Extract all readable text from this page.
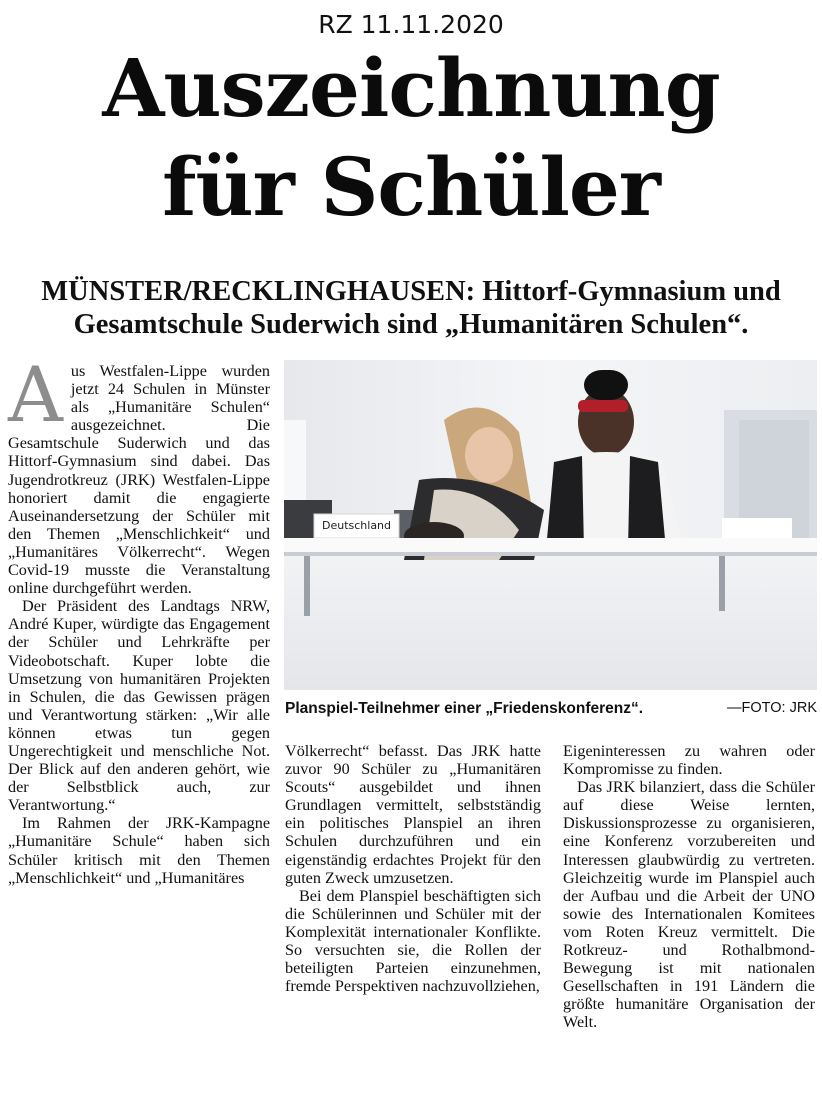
RZ 11.11.2020
Auszeichnung
für Schüler
MÜNSTER/RECKLINGHAUSEN: Hittorf-Gymnasium und
Gesamtschule Suderwich sind „Humanitären Schulen“.
A us Westfalen-Lippe wurden jetzt 24 Schulen in Münster als „Humanitäre Schulen“ ausgezeichnet. Die Gesamtschule Suderwich und das Hittorf-Gymnasium sind dabei. Das Jugendrotkreuz (JRK) Westfalen-Lippe honoriert damit die engagierte Auseinandersetzung der Schüler mit den Themen „Menschlichkeit“ und „Humanitäres Völkerrecht“. Wegen Covid-19 musste die Veranstaltung online durchgeführt werden.

Der Präsident des Landtags NRW, André Kuper, würdigte das Engagement der Schüler und Lehrkräfte per Videobotschaft. Kuper lobte die Umsetzung von humanitären Projekten in Schulen, die das Gewissen prägen und Verantwortung stärken: „Wir alle können etwas tun gegen Ungerechtigkeit und menschliche Not. Der Blick auf den anderen gehört, wie der Selbstblick auch, zur Verantwortung.“

Im Rahmen der JRK-Kampagne „Humanitäre Schule“ haben sich Schüler kritisch mit den Themen „Menschlichkeit“ und „Humanitäres

Deutschland
Planspiel-Teilnehmer einer „Friedenskonferenz“.	—FOTO: JRK

Völkerrecht“ befasst. Das JRK hatte zuvor 90 Schüler zu „Humanitären Scouts“ ausgebildet und ihnen Grundlagen vermittelt, selbstständig ein politisches Planspiel an ihren Schulen durchzuführen und ein eigenständig erdachtes Projekt für den guten Zweck umzusetzen.

Bei dem Planspiel beschäftigten sich die Schülerinnen und Schüler mit der Komplexität internationaler Konflikte. So versuchten sie, die Rollen der beteiligten Parteien einzunehmen, fremde Perspektiven nachzuvollziehen,

Eigeninteressen zu wahren oder Kompromisse zu finden.

Das JRK bilanziert, dass die Schüler auf diese Weise lernten, Diskussionsprozesse zu organisieren, eine Konferenz vorzubereiten und Interessen glaubwürdig zu vertreten. Gleichzeitig wurde im Planspiel auch der Aufbau und die Arbeit der UNO sowie des Internationalen Komitees vom Roten Kreuz vermittelt. Die Rotkreuz- und Rothalbmond-Bewegung ist mit nationalen Gesellschaften in 191 Ländern die größte humanitäre Organisation der Welt.
